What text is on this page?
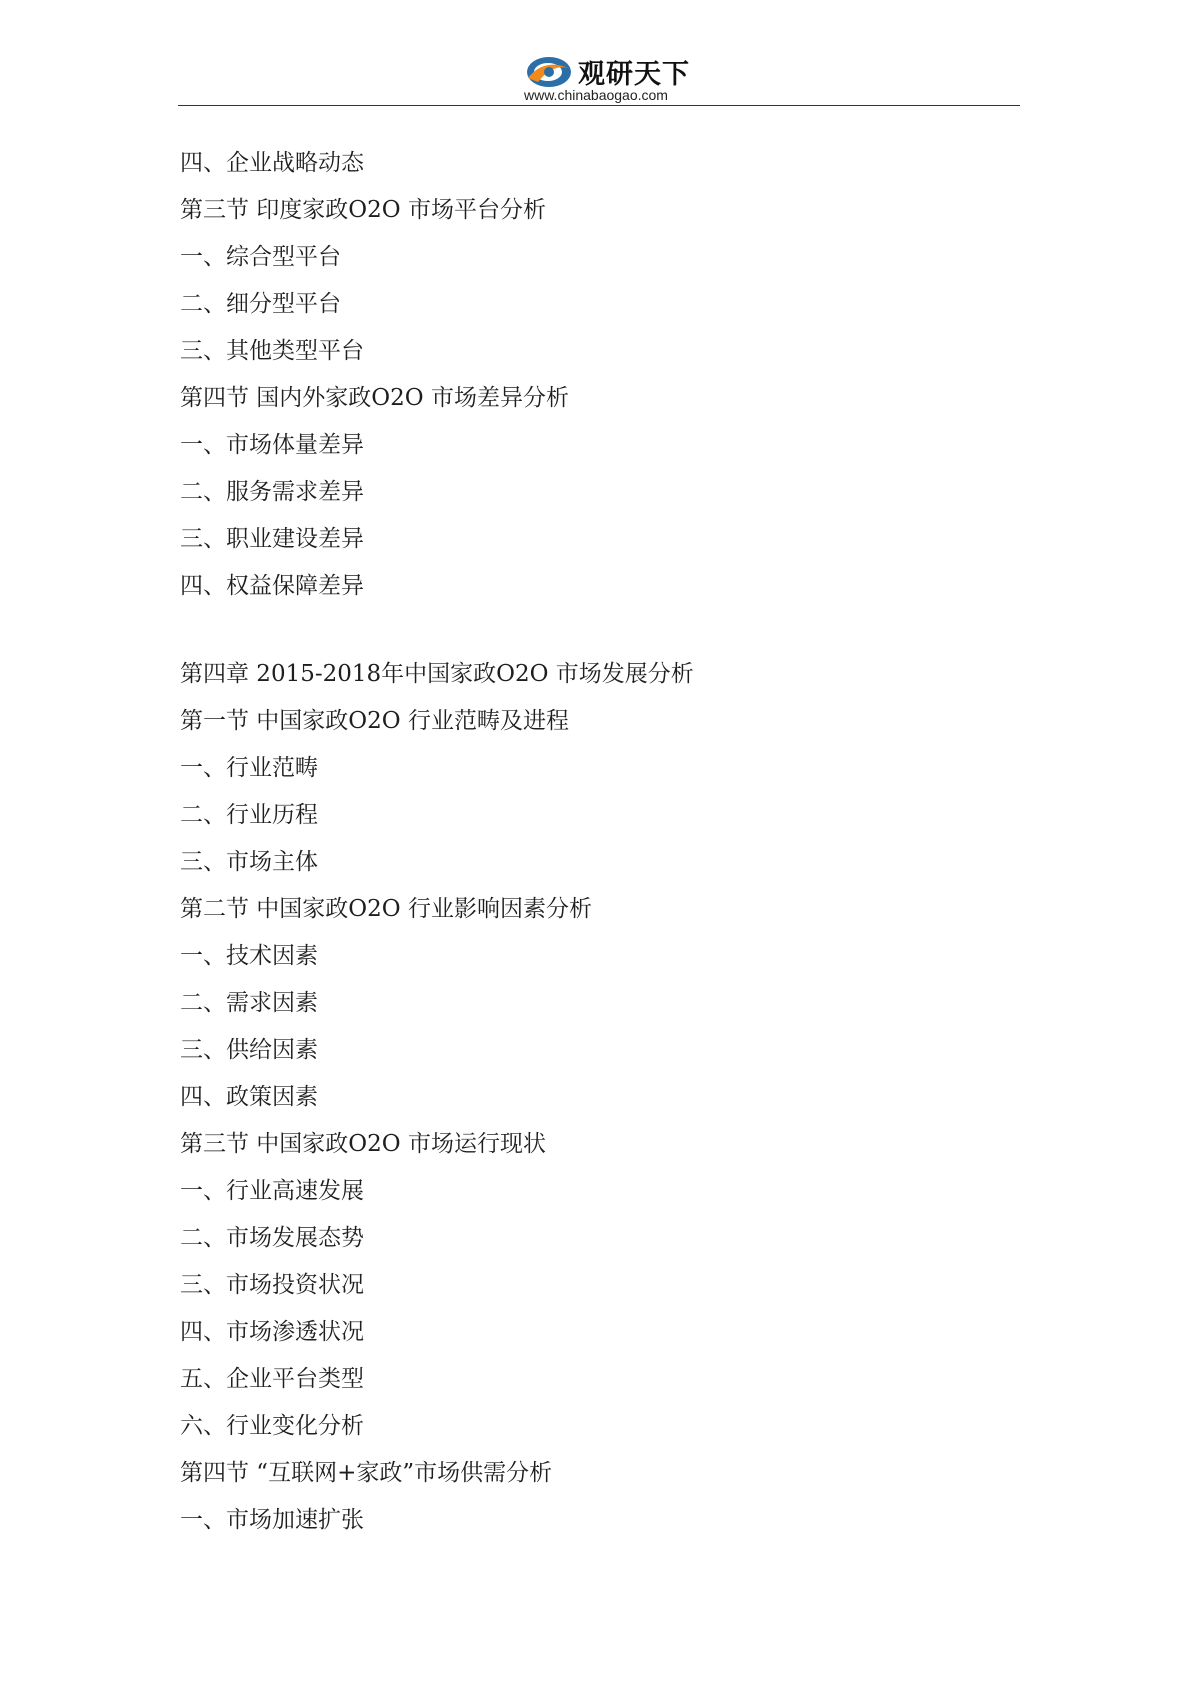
观研天下
www.chinabaogao.com
四、企业战略动态
第三节 印度家政O2O 市场平台分析
一、综合型平台
二、细分型平台
三、其他类型平台
第四节 国内外家政O2O 市场差异分析
一、市场体量差异
二、服务需求差异
三、职业建设差异
四、权益保障差异
第四章 2015-2018年中国家政O2O 市场发展分析
第一节 中国家政O2O 行业范畴及进程
一、行业范畴
二、行业历程
三、市场主体
第二节 中国家政O2O 行业影响因素分析
一、技术因素
二、需求因素
三、供给因素
四、政策因素
第三节 中国家政O2O 市场运行现状
一、行业高速发展
二、市场发展态势
三、市场投资状况
四、市场渗透状况
五、企业平台类型
六、行业变化分析
第四节 “互联网+家政”市场供需分析
一、市场加速扩张
